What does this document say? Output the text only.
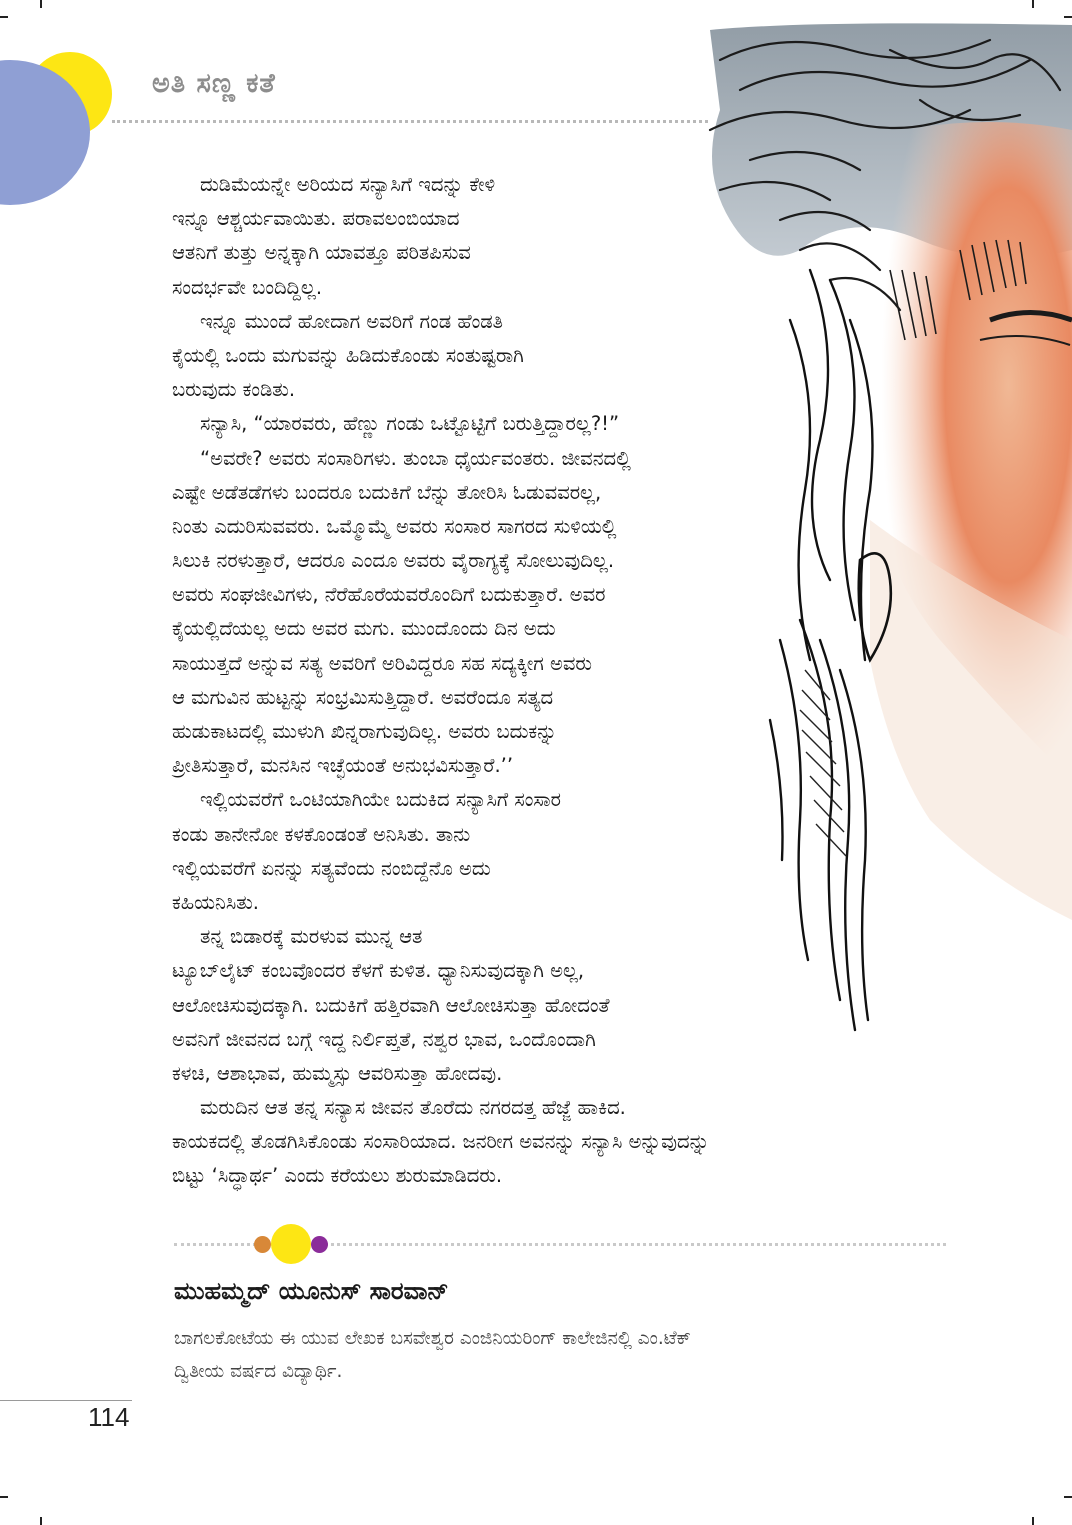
ಅತಿ ಸಣ್ಣ ಕತೆ
ದುಡಿಮೆಯನ್ನೇ ಅರಿಯದ ಸನ್ಯಾಸಿಗೆ ಇದನ್ನು ಕೇಳಿ
ಇನ್ನೂ ಆಶ್ಚರ್ಯವಾಯಿತು. ಪರಾವಲಂಬಿಯಾದ
ಆತನಿಗೆ ತುತ್ತು ಅನ್ನಕ್ಕಾಗಿ ಯಾವತ್ತೂ ಪರಿತಪಿಸುವ
ಸಂದರ್ಭವೇ ಬಂದಿದ್ದಿಲ್ಲ.
ಇನ್ನೂ ಮುಂದೆ ಹೋದಾಗ ಅವರಿಗೆ ಗಂಡ ಹೆಂಡತಿ
ಕೈಯಲ್ಲಿ ಒಂದು ಮಗುವನ್ನು ಹಿಡಿದುಕೊಂಡು ಸಂತುಷ್ಟರಾಗಿ
ಬರುವುದು ಕಂಡಿತು.
ಸನ್ಯಾಸಿ, “ಯಾರವರು, ಹೆಣ್ಣು ಗಂಡು ಒಟ್ಟೊಟ್ಟಿಗೆ ಬರುತ್ತಿದ್ದಾರಲ್ಲ?!”
“ಅವರೇ? ಅವರು ಸಂಸಾರಿಗಳು. ತುಂಬಾ ಧೈರ್ಯವಂತರು. ಜೀವನದಲ್ಲಿ
ಎಷ್ಟೇ ಅಡೆತಡೆಗಳು ಬಂದರೂ ಬದುಕಿಗೆ ಬೆನ್ನು ತೋರಿಸಿ ಓಡುವವರಲ್ಲ,
ನಿಂತು ಎದುರಿಸುವವರು. ಒಮ್ಮೊಮ್ಮೆ ಅವರು ಸಂಸಾರ ಸಾಗರದ ಸುಳಿಯಲ್ಲಿ
ಸಿಲುಕಿ ನರಳುತ್ತಾರೆ, ಆದರೂ ಎಂದೂ ಅವರು ವೈರಾಗ್ಯಕ್ಕೆ ಸೋಲುವುದಿಲ್ಲ.
ಅವರು ಸಂಘಜೀವಿಗಳು, ನೆರೆಹೊರೆಯವರೊಂದಿಗೆ ಬದುಕುತ್ತಾರೆ. ಅವರ
ಕೈಯಲ್ಲಿದೆಯಲ್ಲ ಅದು ಅವರ ಮಗು. ಮುಂದೊಂದು ದಿನ ಅದು
ಸಾಯುತ್ತದೆ ಅನ್ನುವ ಸತ್ಯ ಅವರಿಗೆ ಅರಿವಿದ್ದರೂ ಸಹ ಸದ್ಯಕ್ಕೀಗ ಅವರು
ಆ ಮಗುವಿನ ಹುಟ್ಟನ್ನು ಸಂಭ್ರಮಿಸುತ್ತಿದ್ದಾರೆ. ಅವರೆಂದೂ ಸತ್ಯದ
ಹುಡುಕಾಟದಲ್ಲಿ ಮುಳುಗಿ ಖಿನ್ನರಾಗುವುದಿಲ್ಲ. ಅವರು ಬದುಕನ್ನು
ಪ್ರೀತಿಸುತ್ತಾರೆ, ಮನಸಿನ ಇಚ್ಛೆಯಂತೆ ಅನುಭವಿಸುತ್ತಾರೆ.’’
ಇಲ್ಲಿಯವರೆಗೆ ಒಂಟಿಯಾಗಿಯೇ ಬದುಕಿದ ಸನ್ಯಾಸಿಗೆ ಸಂಸಾರ
ಕಂಡು ತಾನೇನೋ ಕಳಕೊಂಡಂತೆ ಅನಿಸಿತು. ತಾನು
ಇಲ್ಲಿಯವರೆಗೆ ಏನನ್ನು ಸತ್ಯವೆಂದು ನಂಬಿದ್ದೆನೊ ಅದು
ಕಹಿಯನಿಸಿತು.
ತನ್ನ ಬಿಡಾರಕ್ಕೆ ಮರಳುವ ಮುನ್ನ ಆತ
ಟ್ಯೂಬ್‌ಲೈಟ್ ಕಂಬವೊಂದರ ಕೆಳಗೆ ಕುಳಿತ. ಧ್ಯಾನಿಸುವುದಕ್ಕಾಗಿ ಅಲ್ಲ,
ಆಲೋಚಿಸುವುದಕ್ಕಾಗಿ. ಬದುಕಿಗೆ ಹತ್ತಿರವಾಗಿ ಆಲೋಚಿಸುತ್ತಾ ಹೋದಂತೆ
ಅವನಿಗೆ ಜೀವನದ ಬಗ್ಗೆ ಇದ್ದ ನಿರ್ಲಿಪ್ತತೆ, ನಶ್ವರ ಭಾವ, ಒಂದೊಂದಾಗಿ
ಕಳಚಿ, ಆಶಾಭಾವ, ಹುಮ್ಮಸ್ಸು ಆವರಿಸುತ್ತಾ ಹೋದವು.
ಮರುದಿನ ಆತ ತನ್ನ ಸನ್ಯಾಸ ಜೀವನ ತೊರೆದು ನಗರದತ್ತ ಹೆಜ್ಜೆ ಹಾಕಿದ.
ಕಾಯಕದಲ್ಲಿ ತೊಡಗಿಸಿಕೊಂಡು ಸಂಸಾರಿಯಾದ. ಜನರೀಗ ಅವನನ್ನು ಸನ್ಯಾಸಿ ಅನ್ನುವುದನ್ನು
ಬಿಟ್ಟು ‘ಸಿದ್ಧಾರ್ಥ’ ಎಂದು ಕರೆಯಲು ಶುರುಮಾಡಿದರು.
ಮುಹಮ್ಮದ್ ಯೂನುಸ್ ಸಾರವಾನ್
ಬಾಗಲಕೋಟೆಯ ಈ ಯುವ ಲೇಖಕ ಬಸವೇಶ್ವರ ಎಂಜಿನಿಯರಿಂಗ್ ಕಾಲೇಜಿನಲ್ಲಿ ಎಂ.ಟೆಕ್
ದ್ವಿತೀಯ ವರ್ಷದ ವಿದ್ಯಾರ್ಥಿ.
114
